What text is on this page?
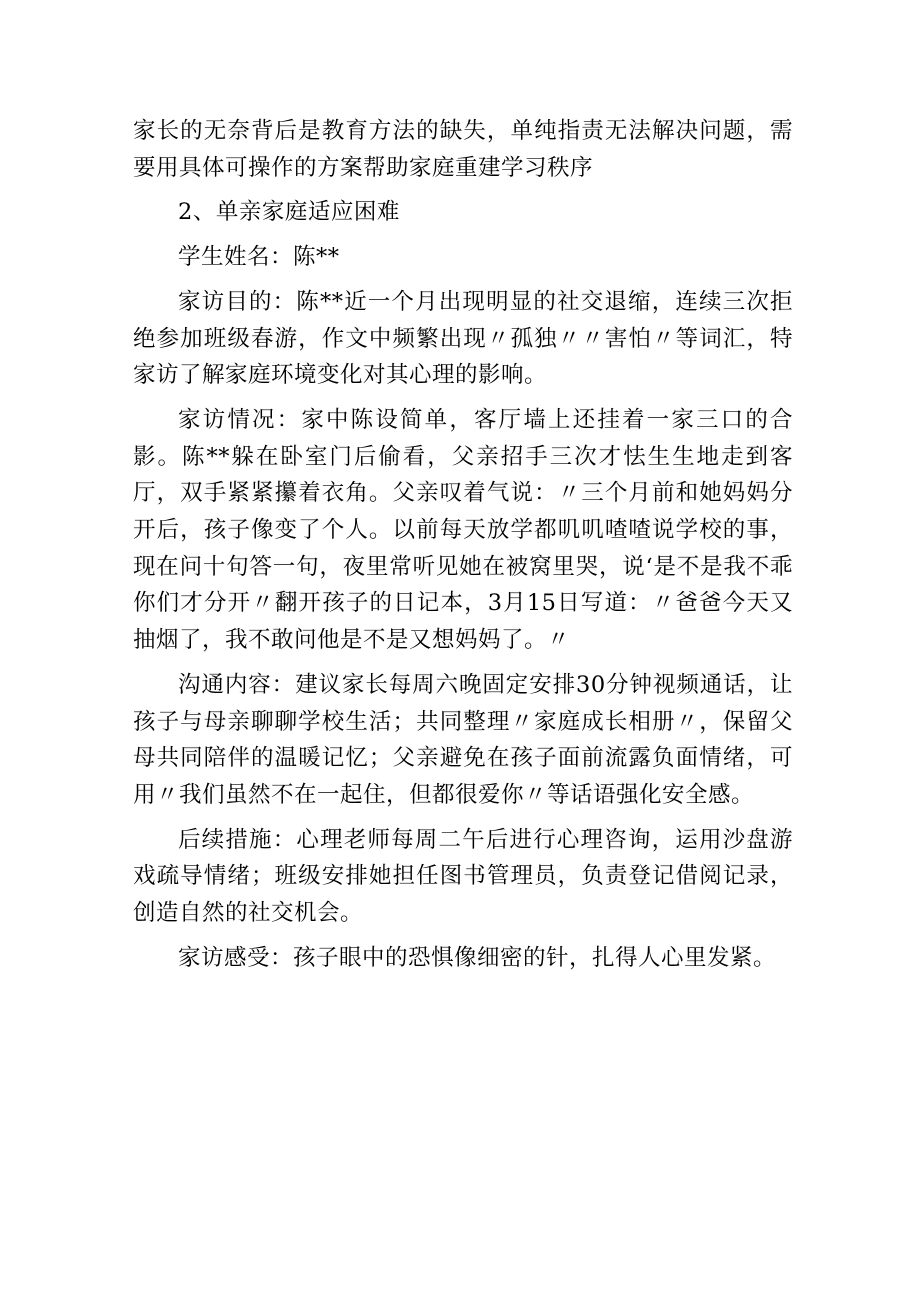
家长的无奈背后是教育方法的缺失，单纯指责无法解决问题，需要用具体可操作的方案帮助家庭重建学习秩序

2、单亲家庭适应困难

学生姓名：陈**

家访目的：陈**近一个月出现明显的社交退缩，连续三次拒绝参加班级春游，作文中频繁出现〃孤独〃〃害怕〃等词汇，特家访了解家庭环境变化对其心理的影响。

家访情况：家中陈设简单，客厅墙上还挂着一家三口的合影。陈**躲在卧室门后偷看，父亲招手三次才怯生生地走到客厅，双手紧紧攥着衣角。父亲叹着气说：〃三个月前和她妈妈分开后，孩子像变了个人。以前每天放学都叽叽喳喳说学校的事，现在问十句答一句，夜里常听见她在被窝里哭，说‘是不是我不乖你们才分开〃翻开孩子的日记本，3月15日写道：〃爸爸今天又抽烟了，我不敢问他是不是又想妈妈了。〃

沟通内容：建议家长每周六晚固定安排30分钟视频通话，让孩子与母亲聊聊学校生活；共同整理〃家庭成长相册〃，保留父母共同陪伴的温暖记忆；父亲避免在孩子面前流露负面情绪，可用〃我们虽然不在一起住，但都很爱你〃等话语强化安全感。

后续措施：心理老师每周二午后进行心理咨询，运用沙盘游戏疏导情绪；班级安排她担任图书管理员，负责登记借阅记录，创造自然的社交机会。

家访感受：孩子眼中的恐惧像细密的针，扎得人心里发紧。
